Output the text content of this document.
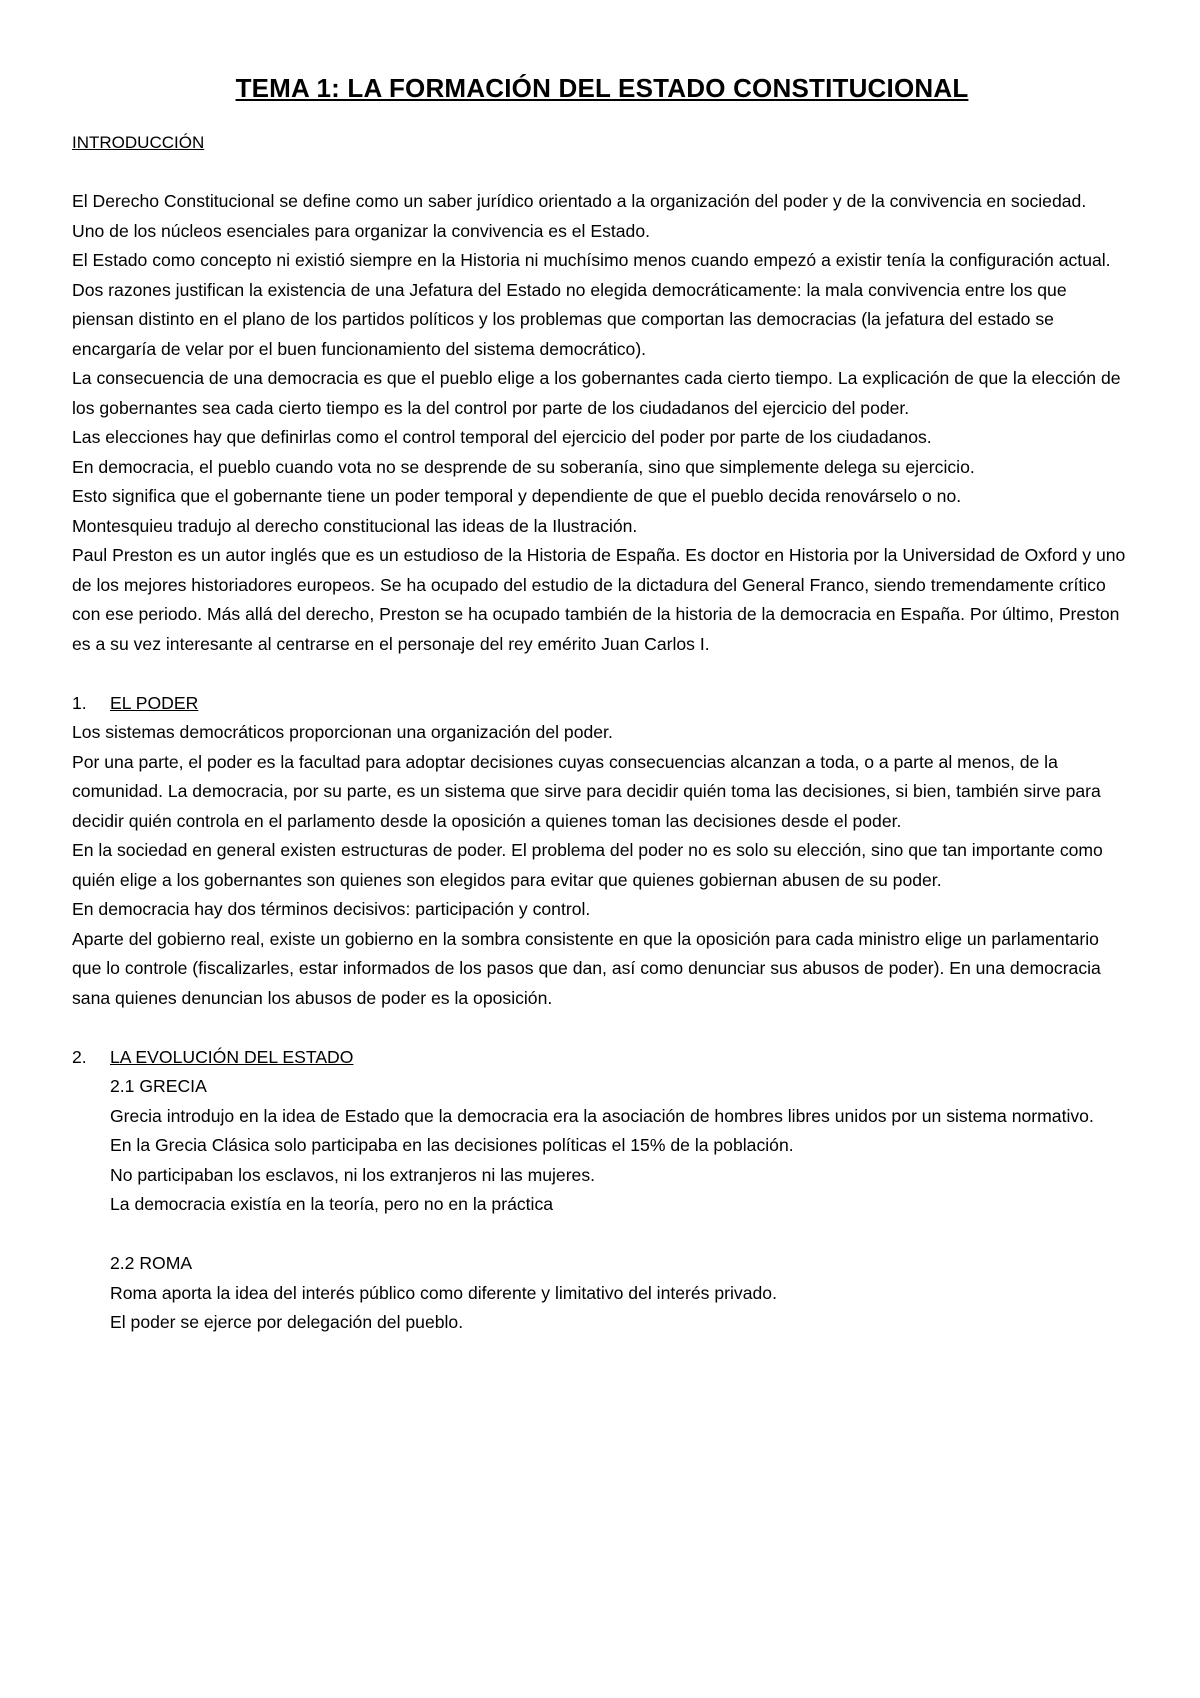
TEMA 1: LA FORMACIÓN DEL ESTADO CONSTITUCIONAL

INTRODUCCIÓN

El Derecho Constitucional se define como un saber jurídico orientado a la organización del poder y de la convivencia en sociedad.

Uno de los núcleos esenciales para organizar la convivencia es el Estado.

El Estado como concepto ni existió siempre en la Historia ni muchísimo menos cuando empezó a existir tenía la configuración actual.

Dos razones justifican la existencia de una Jefatura del Estado no elegida democráticamente: la mala convivencia entre los que piensan distinto en el plano de los partidos políticos y los problemas que comportan las democracias (la jefatura del estado se encargaría de velar por el buen funcionamiento del sistema democrático).

La consecuencia de una democracia es que el pueblo elige a los gobernantes cada cierto tiempo. La explicación de que la elección de los gobernantes sea cada cierto tiempo es la del control por parte de los ciudadanos del ejercicio del poder.

Las elecciones hay que definirlas como el control temporal del ejercicio del poder por parte de los ciudadanos.

En democracia, el pueblo cuando vota no se desprende de su soberanía, sino que simplemente delega su ejercicio.

Esto significa que el gobernante tiene un poder temporal y dependiente de que el pueblo decida renovárselo o no.

Montesquieu tradujo al derecho constitucional las ideas de la Ilustración.

Paul Preston es un autor inglés que es un estudioso de la Historia de España. Es doctor en Historia por la Universidad de Oxford y uno de los mejores historiadores europeos. Se ha ocupado del estudio de la dictadura del General Franco, siendo tremendamente crítico con ese periodo. Más allá del derecho, Preston se ha ocupado también de la historia de la democracia en España. Por último, Preston es a su vez interesante al centrarse en el personaje del rey emérito Juan Carlos I.

1.	EL PODER

Los sistemas democráticos proporcionan una organización del poder.

Por una parte, el poder es la facultad para adoptar decisiones cuyas consecuencias alcanzan a toda, o a parte al menos, de la comunidad. La democracia, por su parte, es un sistema que sirve para decidir quién toma las decisiones, si bien, también sirve para decidir quién controla en el parlamento desde la oposición a quienes toman las decisiones desde el poder.

En la sociedad en general existen estructuras de poder. El problema del poder no es solo su elección, sino que tan importante como quién elige a los gobernantes son quienes son elegidos para evitar que quienes gobiernan abusen de su poder.

En democracia hay dos términos decisivos: participación y control.

Aparte del gobierno real, existe un gobierno en la sombra consistente en que la oposición para cada ministro elige un parlamentario que lo controle (fiscalizarles, estar informados de los pasos que dan, así como denunciar sus abusos de poder). En una democracia sana quienes denuncian los abusos de poder es la oposición.

2.	LA EVOLUCIÓN DEL ESTADO

2.1 GRECIA

Grecia introdujo en la idea de Estado que la democracia era la asociación de hombres libres unidos por un sistema normativo.

En la Grecia Clásica solo participaba en las decisiones políticas el 15% de la población.

No participaban los esclavos, ni los extranjeros ni las mujeres.

La democracia existía en la teoría, pero no en la práctica

2.2 ROMA

Roma aporta la idea del interés público como diferente y limitativo del interés privado.

El poder se ejerce por delegación del pueblo.
